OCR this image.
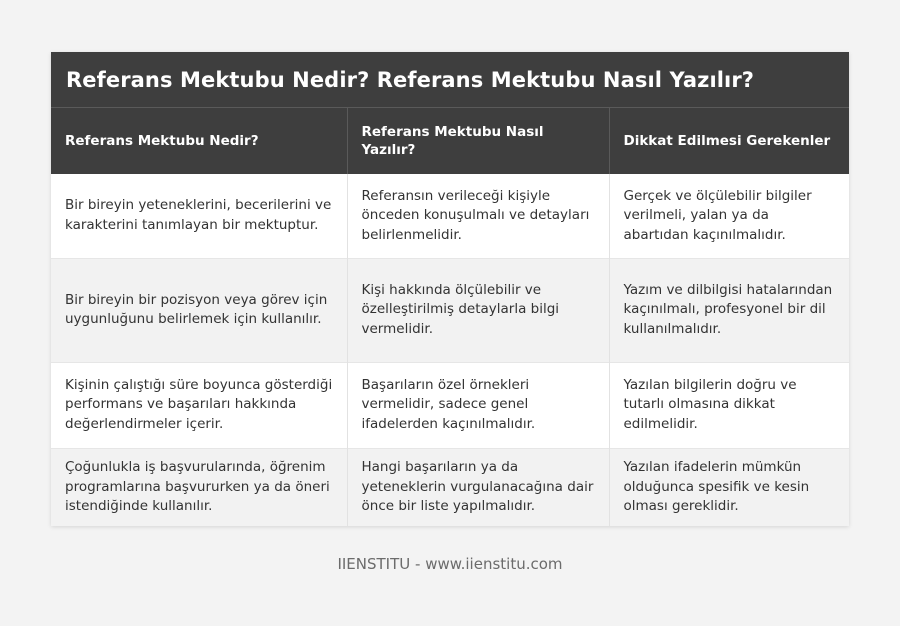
Referans Mektubu Nedir? Referans Mektubu Nasıl Yazılır?
Referans Mektubu Nedir?	Referans Mektubu Nasıl Yazılır?	Dikkat Edilmesi Gerekenler
Bir bireyin yeteneklerini, becerilerini ve karakterini tanımlayan bir mektuptur.	Referansın verileceği kişiyle önceden konuşulmalı ve detayları belirlenmelidir.	Gerçek ve ölçülebilir bilgiler verilmeli, yalan ya da abartıdan kaçınılmalıdır.
Bir bireyin bir pozisyon veya görev için uygunluğunu belirlemek için kullanılır.	Kişi hakkında ölçülebilir ve özelleştirilmiş detaylarla bilgi vermelidir.	Yazım ve dilbilgisi hatalarından kaçınılmalı, profesyonel bir dil kullanılmalıdır.
Kişinin çalıştığı süre boyunca gösterdiği performans ve başarıları hakkında değerlendirmeler içerir.	Başarıların özel örnekleri vermelidir, sadece genel ifadelerden kaçınılmalıdır.	Yazılan bilgilerin doğru ve tutarlı olmasına dikkat edilmelidir.
Çoğunlukla iş başvurularında, öğrenim programlarına başvururken ya da öneri istendiğinde kullanılır.	Hangi başarıların ya da yeteneklerin vurgulanacağına dair önce bir liste yapılmalıdır.	Yazılan ifadelerin mümkün olduğunca spesifik ve kesin olması gereklidir.
IIENSTITU - www.iienstitu.com
